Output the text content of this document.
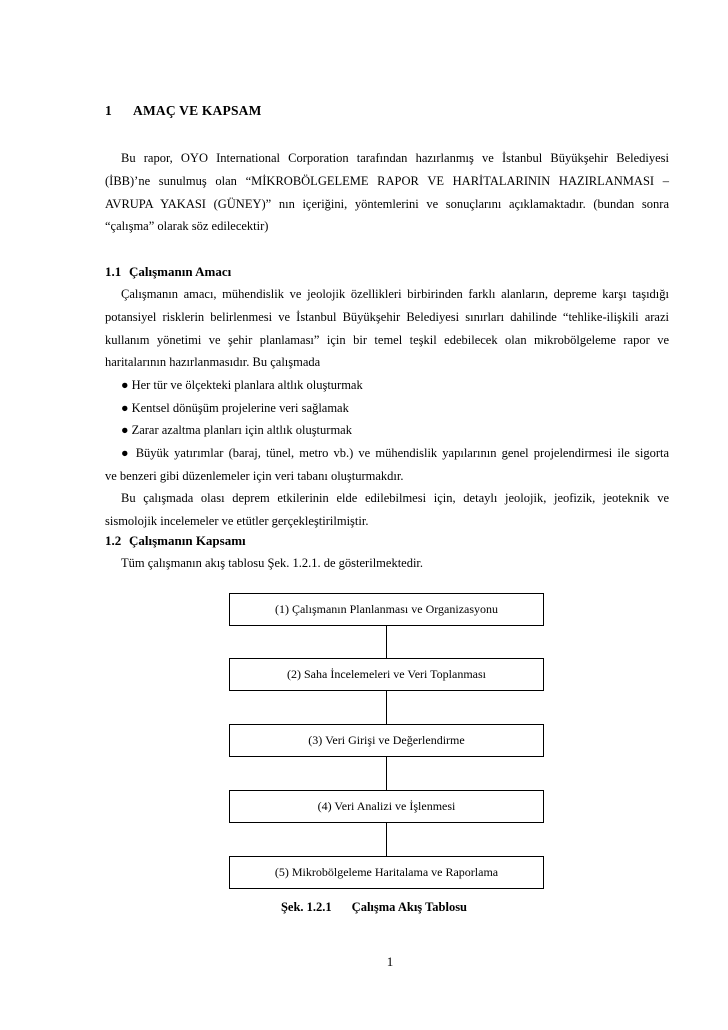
1 AMAÇ VE KAPSAM

Bu rapor, OYO International Corporation tarafından hazırlanmış ve İstanbul Büyükşehir Belediyesi

(İBB)’ne sunulmuş olan “MİKROBÖLGELEME RAPOR VE HARİTALARININ HAZIRLANMASI –

AVRUPA YAKASI (GÜNEY)” nın içeriğini, yöntemlerini ve sonuçlarını açıklamaktadır. (bundan sonra

“çalışma” olarak söz edilecektir)

1.1 Çalışmanın Amacı

Çalışmanın amacı, mühendislik ve jeolojik özellikleri birbirinden farklı alanların, depreme karşı taşıdığı

potansiyel risklerin belirlenmesi ve İstanbul Büyükşehir Belediyesi sınırları dahilinde “tehlike-ilişkili arazi

kullanım yönetimi ve şehir planlaması” için bir temel teşkil edebilecek olan mikrobölgeleme rapor ve

haritalarının hazırlanmasıdır. Bu çalışmada

● Her tür ve ölçekteki planlara altlık oluşturmak
● Kentsel dönüşüm projelerine veri sağlamak
● Zarar azaltma planları için altlık oluşturmak
● Büyük yatırımlar (baraj, tünel, metro vb.) ve mühendislik yapılarının genel projelendirmesi ile sigorta

ve benzeri gibi düzenlemeler için veri tabanı oluşturmakdır.

Bu çalışmada olası deprem etkilerinin elde edilebilmesi için, detaylı jeolojik, jeofizik, jeoteknik ve

sismolojik incelemeler ve etütler gerçekleştirilmiştir.

1.2 Çalışmanın Kapsamı

Tüm çalışmanın akış tablosu Şek. 1.2.1. de gösterilmektedir.

(1) Çalışmanın Planlanması ve Organizasyonu
(2) Saha İncelemeleri ve Veri Toplanması
(3) Veri Girişi ve Değerlendirme
(4) Veri Analizi ve İşlenmesi
(5) Mikrobölgeleme Haritalama ve Raporlama
Şek. 1.2.1 Çalışma Akış Tablosu
1
